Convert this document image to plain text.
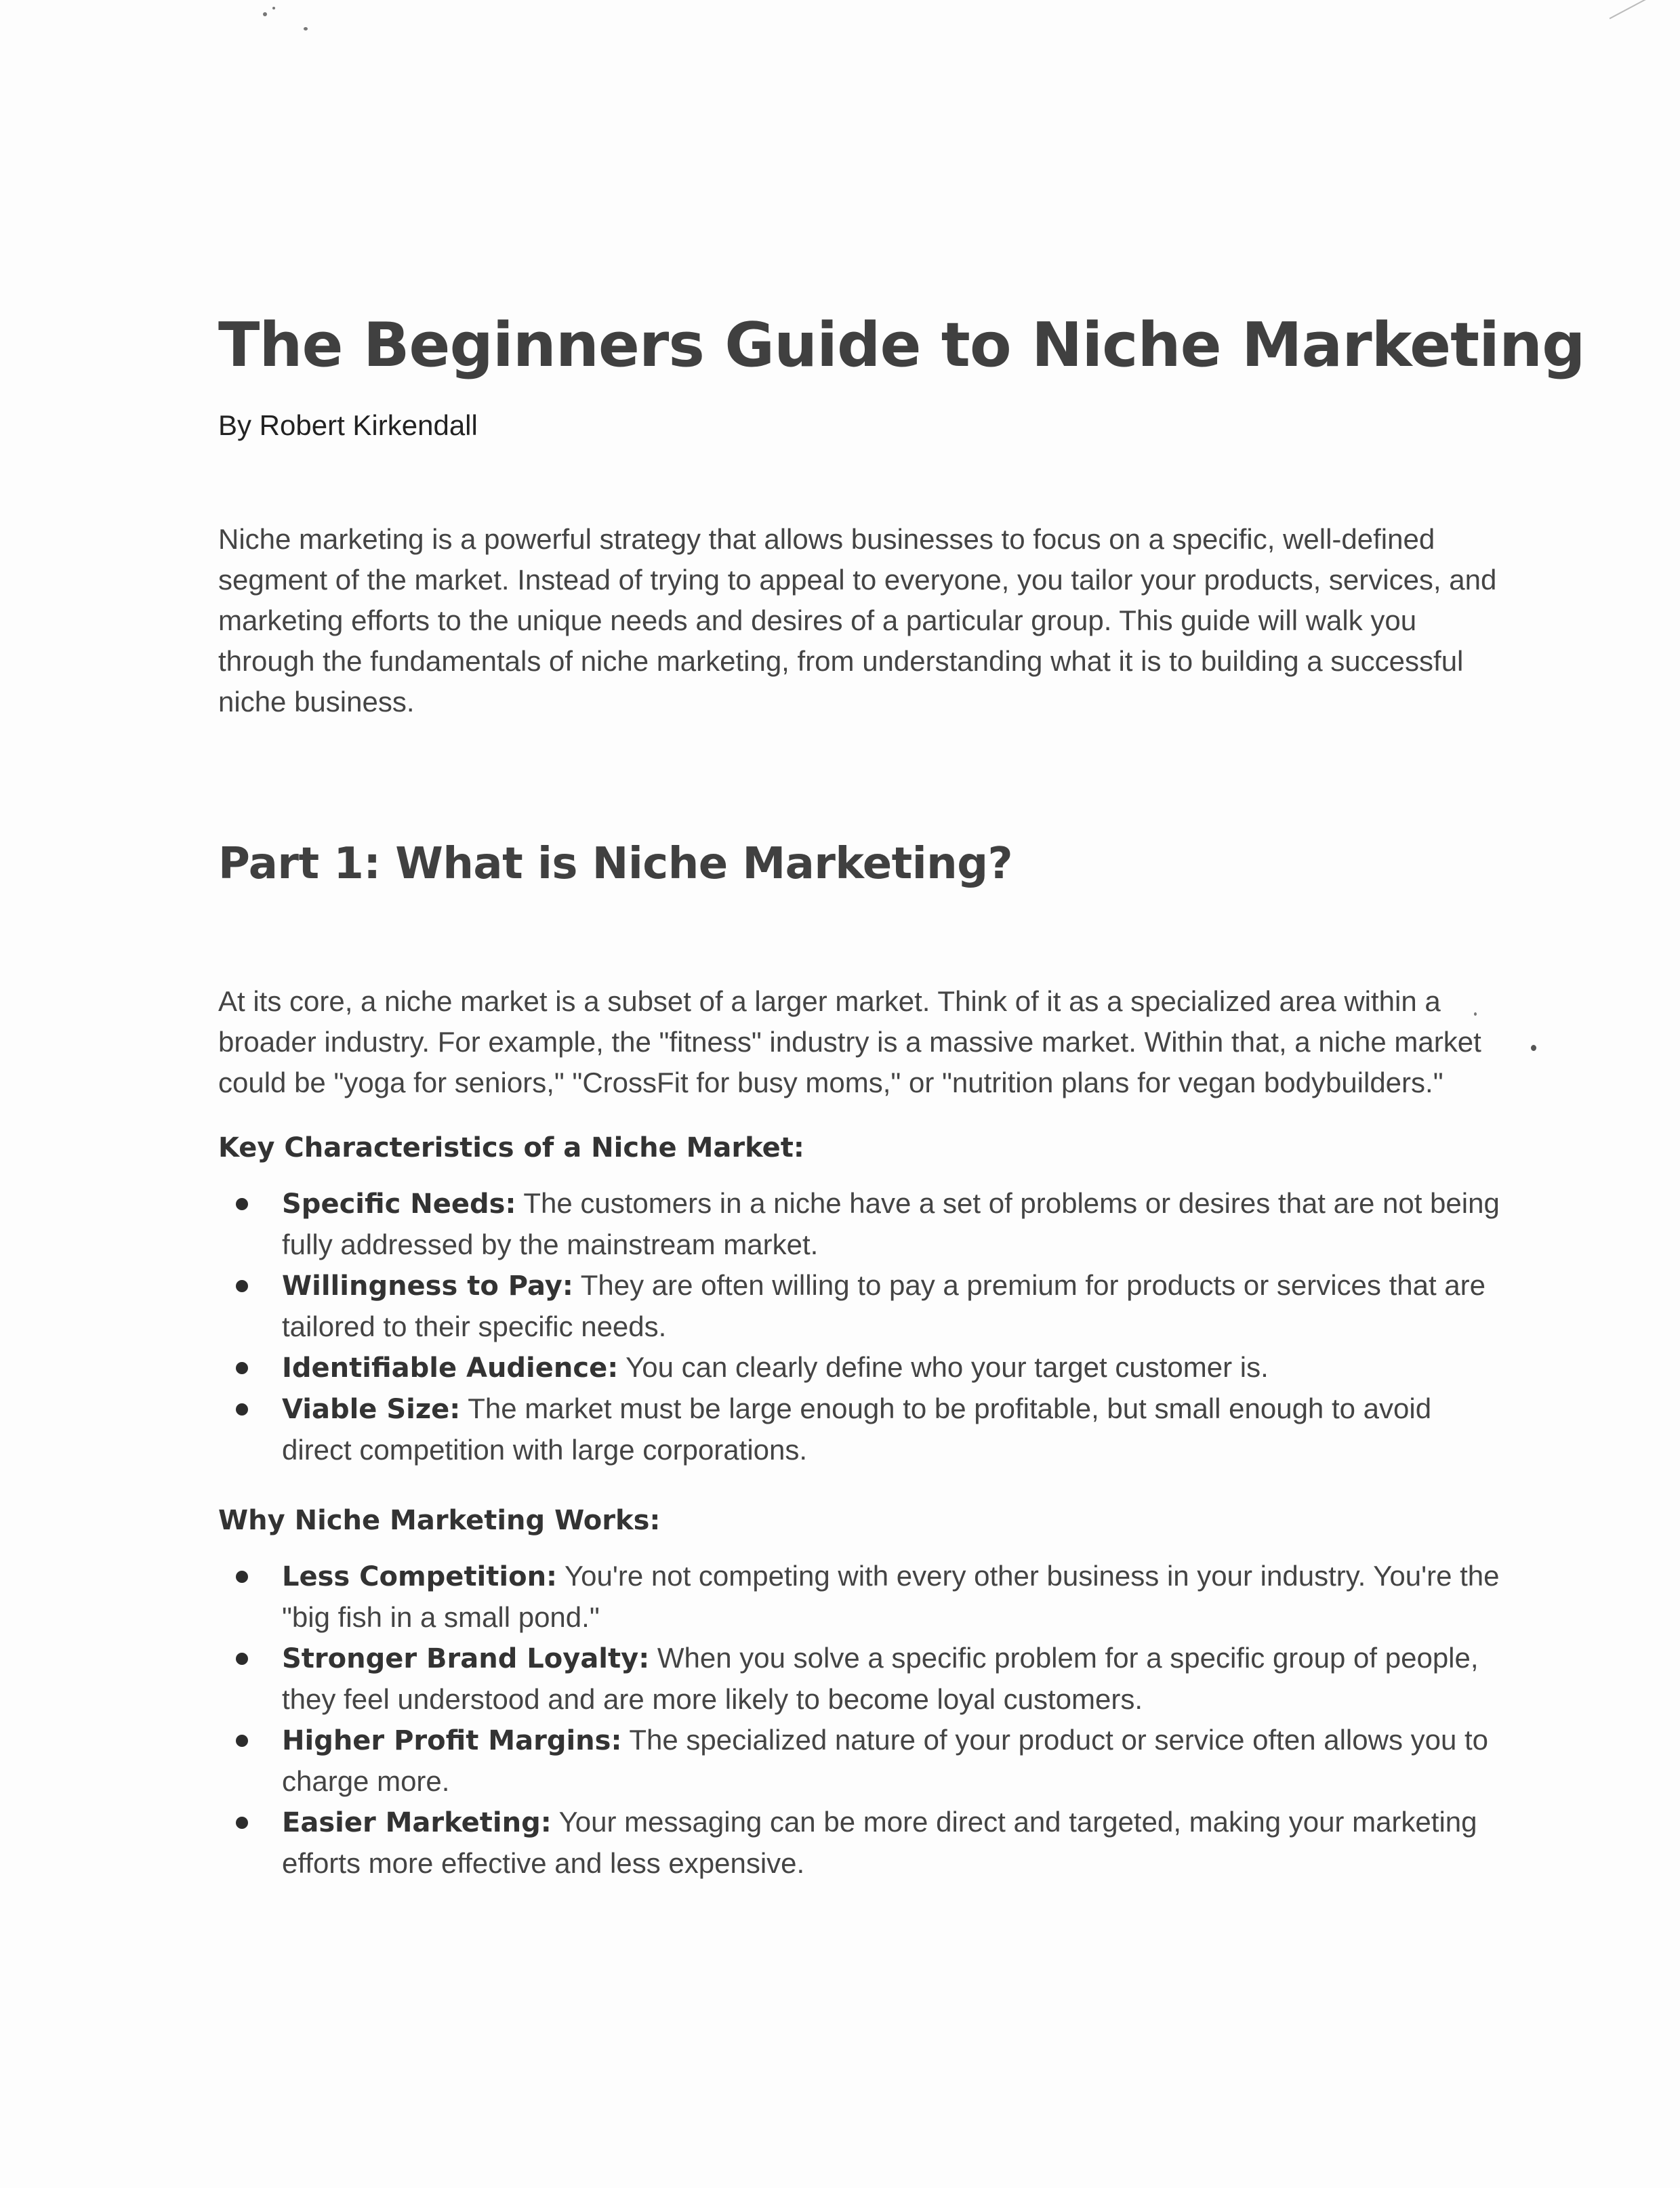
The Beginners Guide to Niche Marketing

By Robert Kirkendall

Niche marketing is a powerful strategy that allows businesses to focus on a specific, well-defined segment of the market. Instead of trying to appeal to everyone, you tailor your products, services, and marketing efforts to the unique needs and desires of a particular group. This guide will walk you through the fundamentals of niche marketing, from understanding what it is to building a successful niche business.

Part 1: What is Niche Marketing?

At its core, a niche market is a subset of a larger market. Think of it as a specialized area within a broader industry. For example, the "fitness" industry is a massive market. Within that, a niche market could be "yoga for seniors," "CrossFit for busy moms," or "nutrition plans for vegan bodybuilders."

Key Characteristics of a Niche Market:
Specific Needs: The customers in a niche have a set of problems or desires that are not being fully addressed by the mainstream market.
Willingness to Pay: They are often willing to pay a premium for products or services that are tailored to their specific needs.
Identifiable Audience: You can clearly define who your target customer is.
Viable Size: The market must be large enough to be profitable, but small enough to avoid direct competition with large corporations.
Why Niche Marketing Works:
Less Competition: You're not competing with every other business in your industry. You're the "big fish in a small pond."
Stronger Brand Loyalty: When you solve a specific problem for a specific group of people, they feel understood and are more likely to become loyal customers.
Higher Profit Margins: The specialized nature of your product or service often allows you to charge more.
Easier Marketing: Your messaging can be more direct and targeted, making your marketing efforts more effective and less expensive.
